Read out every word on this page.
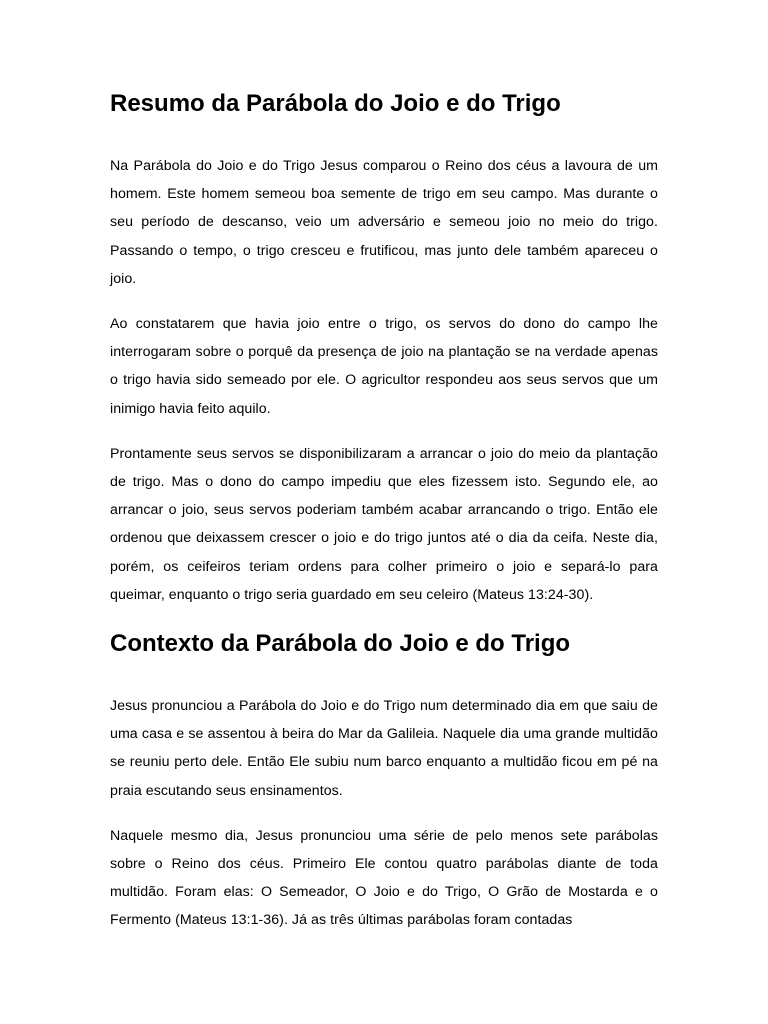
Resumo da Parábola do Joio e do Trigo

Na Parábola do Joio e do Trigo Jesus comparou o Reino dos céus a lavoura de um homem. Este homem semeou boa semente de trigo em seu campo. Mas durante o seu período de descanso, veio um adversário e semeou joio no meio do trigo. Passando o tempo, o trigo cresceu e frutificou, mas junto dele também apareceu o joio.

Ao constatarem que havia joio entre o trigo, os servos do dono do campo lhe interrogaram sobre o porquê da presença de joio na plantação se na verdade apenas o trigo havia sido semeado por ele. O agricultor respondeu aos seus servos que um inimigo havia feito aquilo.

Prontamente seus servos se disponibilizaram a arrancar o joio do meio da plantação de trigo. Mas o dono do campo impediu que eles fizessem isto. Segundo ele, ao arrancar o joio, seus servos poderiam também acabar arrancando o trigo. Então ele ordenou que deixassem crescer o joio e do trigo juntos até o dia da ceifa. Neste dia, porém, os ceifeiros teriam ordens para colher primeiro o joio e separá-lo para queimar, enquanto o trigo seria guardado em seu celeiro (Mateus 13:24-30).

Contexto da Parábola do Joio e do Trigo

Jesus pronunciou a Parábola do Joio e do Trigo num determinado dia em que saiu de uma casa e se assentou à beira do Mar da Galileia. Naquele dia uma grande multidão se reuniu perto dele. Então Ele subiu num barco enquanto a multidão ficou em pé na praia escutando seus ensinamentos.

Naquele mesmo dia, Jesus pronunciou uma série de pelo menos sete parábolas sobre o Reino dos céus. Primeiro Ele contou quatro parábolas diante de toda multidão. Foram elas: O Semeador, O Joio e do Trigo, O Grão de Mostarda e o Fermento (Mateus 13:1-36). Já as três últimas parábolas foram contadas
